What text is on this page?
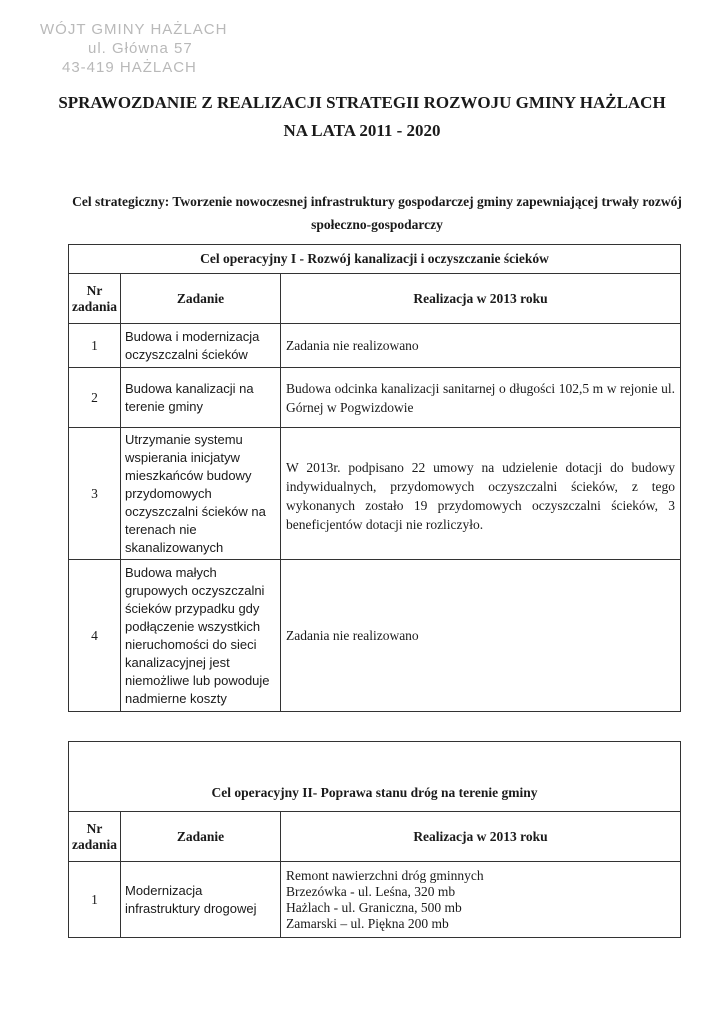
WÓJT GMINY HAŻLACH
ul. Główna 57
43-419 HAŻLACH
SPRAWOZDANIE Z REALIZACJI STRATEGII ROZWOJU GMINY HAŻLACH
NA LATA 2011 - 2020
Cel strategiczny: Tworzenie nowoczesnej infrastruktury gospodarczej gminy zapewniającej trwały rozwój
społeczno-gospodarczy
Cel operacyjny I - Rozwój kanalizacji i oczyszczanie ścieków		

Nr
zadania	Zadanie	Realizacja w 2013 roku
1	Budowa i modernizacja oczyszczalni ścieków	Zadania nie realizowano
2	Budowa kanalizacji na terenie gminy	Budowa odcinka kanalizacji sanitarnej o długości 102,5 m w rejonie ul. Górnej w Pogwizdowie
3	Utrzymanie systemu wspierania inicjatyw mieszkańców budowy przydomowych oczyszczalni ścieków na terenach nie skanalizowanych	W 2013r. podpisano 22 umowy na udzielenie dotacji do budowy indywidualnych, przydomowych oczyszczalni ścieków, z tego wykonanych zostało 19 przydomowych oczyszczalni ścieków, 3 beneficjentów dotacji nie rozliczyło.
4	Budowa małych grupowych oczyszczalni ścieków przypadku gdy podłączenie wszystkich nieruchomości do sieci kanalizacyjnej jest niemożliwe lub powoduje nadmierne koszty	Zadania nie realizowano
Cel operacyjny II- Poprawa stanu dróg na terenie gminy		

Nr
zadania	Zadanie	Realizacja w 2013 roku
1	Modernizacja infrastruktury drogowej	Remont nawierzchni dróg gminnych
Brzezówka - ul. Leśna, 320 mb
Hażlach - ul. Graniczna, 500 mb
Zamarski – ul. Piękna 200 mb
